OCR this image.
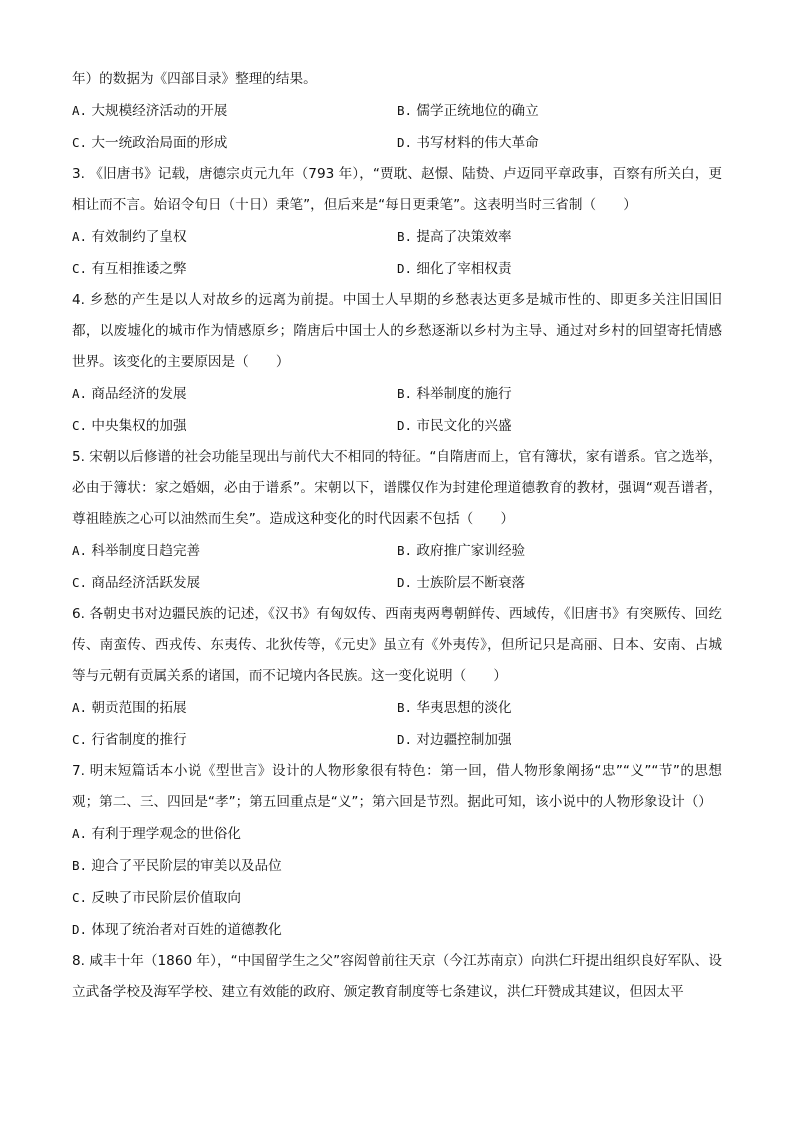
年）的数据为《四部目录》整理的结果。

A. 大规模经济活动的开展	B. 儒学正统地位的确立
C. 大一统政治局面的形成	D. 书写材料的伟大革命

3. 《旧唐书》记载，唐德宗贞元九年（793 年），“贾耽、赵憬、陆贽、卢迈同平章政事，百察有所关白，更相让而不言。始诏令旬日（十日）秉笔”，但后来是“每日更秉笔”。这表明当时三省制（　　）

A. 有效制约了皇权	B. 提高了决策效率
C. 有互相推诿之弊	D. 细化了宰相权责

4. 乡愁的产生是以人对故乡的远离为前提。中国士人早期的乡愁表达更多是城市性的、即更多关注旧国旧都，以废墟化的城市作为情感原乡；隋唐后中国士人的乡愁逐渐以乡村为主导、通过对乡村的回望寄托情感世界。该变化的主要原因是（　　）

A. 商品经济的发展	B. 科举制度的施行
C. 中央集权的加强	D. 市民文化的兴盛

5. 宋朝以后修谱的社会功能呈现出与前代大不相同的特征。“自隋唐而上，官有簿状，家有谱系。官之选举，必由于簿状：家之婚姻，必由于谱系”。宋朝以下，谱牒仅作为封建伦理道德教育的教材，强调“观吾谱者，尊祖睦族之心可以油然而生矣”。造成这种变化的时代因素不包括（　　）

A. 科举制度日趋完善	B. 政府推广家训经验
C. 商品经济活跃发展	D. 士族阶层不断衰落

6. 各朝史书对边疆民族的记述，《汉书》有匈奴传、西南夷两粤朝鲜传、西域传，《旧唐书》有突厥传、回纥传、南蛮传、西戎传、东夷传、北狄传等，《元史》虽立有《外夷传》，但所记只是高丽、日本、安南、占城等与元朝有贡属关系的诸国，而不记境内各民族。这一变化说明（　　）

A. 朝贡范围的拓展	B. 华夷思想的淡化
C. 行省制度的推行	D. 对边疆控制加强

7. 明末短篇话本小说《型世言》设计的人物形象很有特色：第一回，借人物形象阐扬“忠”“义”“节”的思想观；第二、三、四回是“孝”；第五回重点是“义”；第六回是节烈。据此可知，该小说中的人物形象设计（）

A. 有利于理学观念的世俗化
B. 迎合了平民阶层的审美以及品位
C. 反映了市民阶层价值取向
D. 体现了统治者对百姓的道德教化

8. 咸丰十年（1860 年），“中国留学生之父”容闳曾前往天京（今江苏南京）向洪仁玕提出组织良好军队、设立武备学校及海军学校、建立有效能的政府、颁定教育制度等七条建议，洪仁玕赞成其建议，但因太平
